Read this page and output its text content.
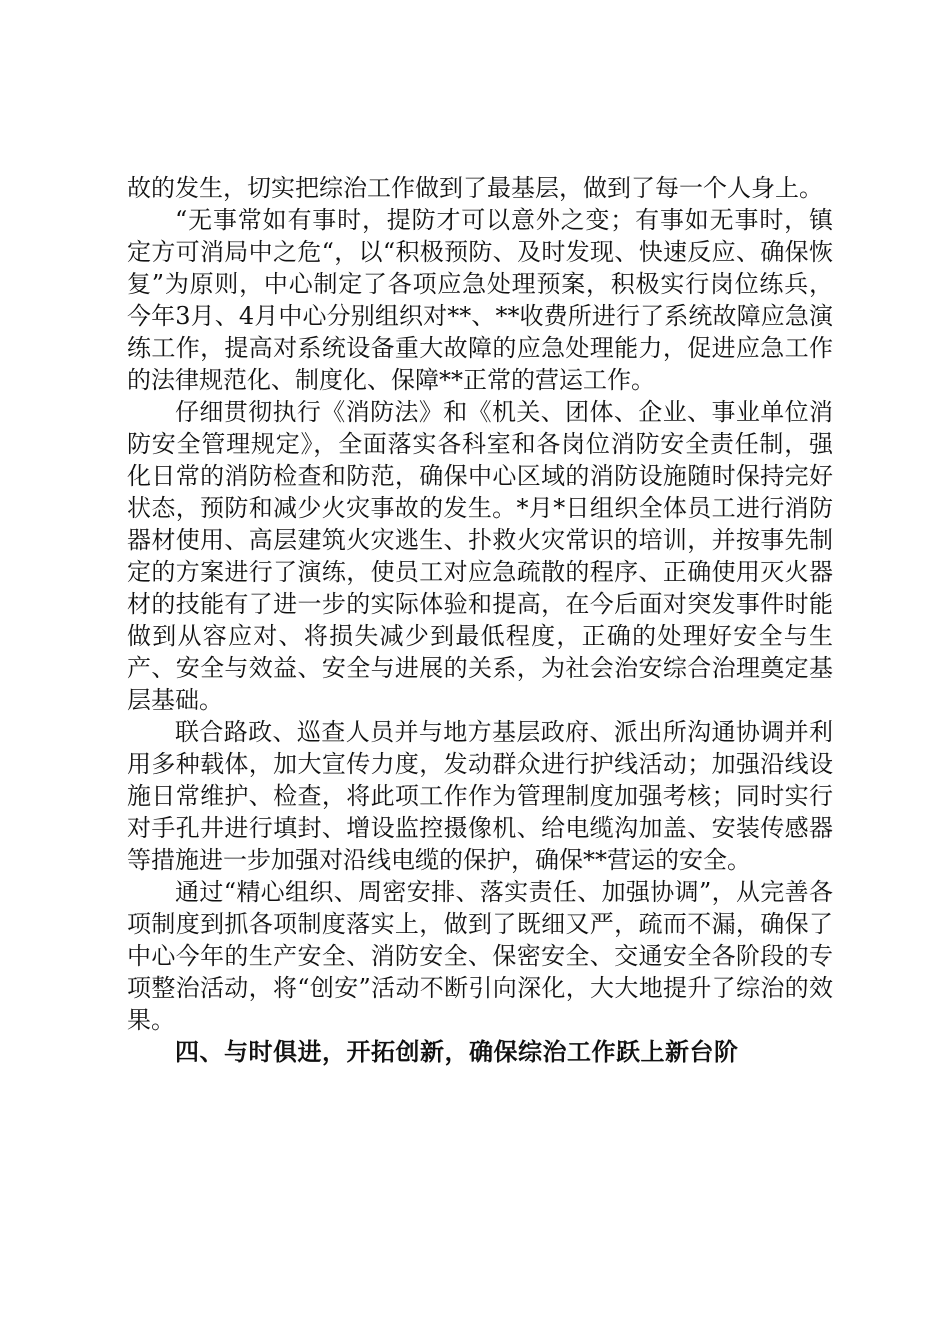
故的发生，切实把综治工作做到了最基层，做到了每一个人身上。

“无事常如有事时，提防才可以意外之变；有事如无事时，镇定方可消局中之危“，以“积极预防、及时发现、快速反应、确保恢复”为原则，中心制定了各项应急处理预案，积极实行岗位练兵，今年3月、4月中心分别组织对**、**收费所进行了系统故障应急演练工作，提高对系统设备重大故障的应急处理能力，促进应急工作的法律规范化、制度化、保障**正常的营运工作。

仔细贯彻执行《消防法》和《机关、团体、企业、事业单位消防安全管理规定》，全面落实各科室和各岗位消防安全责任制，强化日常的消防检查和防范，确保中心区域的消防设施随时保持完好状态，预防和减少火灾事故的发生。*月*日组织全体员工进行消防器材使用、高层建筑火灾逃生、扑救火灾常识的培训，并按事先制定的方案进行了演练，使员工对应急疏散的程序、正确使用灭火器材的技能有了进一步的实际体验和提高，在今后面对突发事件时能做到从容应对、将损失减少到最低程度，正确的处理好安全与生产、安全与效益、安全与进展的关系，为社会治安综合治理奠定基层基础。

联合路政、巡查人员并与地方基层政府、派出所沟通协调并利用多种载体，加大宣传力度，发动群众进行护线活动；加强沿线设施日常维护、检查，将此项工作作为管理制度加强考核；同时实行对手孔井进行填封、增设监控摄像机、给电缆沟加盖、安装传感器等措施进一步加强对沿线电缆的保护，确保**营运的安全。

通过“精心组织、周密安排、落实责任、加强协调”，从完善各项制度到抓各项制度落实上，做到了既细又严，疏而不漏，确保了中心今年的生产安全、消防安全、保密安全、交通安全各阶段的专项整治活动，将“创安”活动不断引向深化，大大地提升了综治的效果。

四、与时俱进，开拓创新，确保综治工作跃上新台阶
